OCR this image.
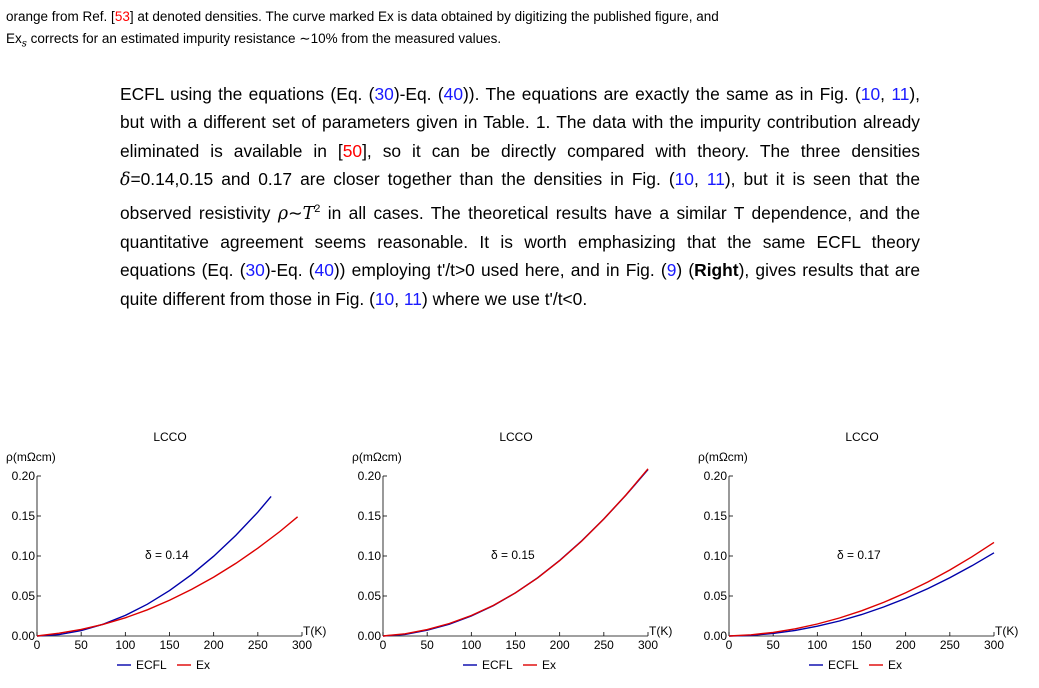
orange from Ref. [53] at denoted densities. The curve marked Ex is data obtained by digitizing the published figure, and

$Ex_s$ corrects for an estimated impurity resistance ∼10% from the measured values.

ECFL using the equations (Eq. (30)-Eq. (40)). The equations are exactly the same as in Fig. (10, 11), but with a different set of parameters given in Table. 1. The data with the impurity contribution already eliminated is available in [50], so it can be directly compared with theory. The three densities δ=0.14,0.15 and 0.17 are closer together than the densities in Fig. (10, 11), but it is seen that the observed resistivity $\rho\sim T^2$ in all cases. The theoretical results have a similar T dependence, and the quantitative agreement seems reasonable. It is worth emphasizing that the same ECFL theory equations (Eq. (30)-Eq. (40)) employing t'/t>0 used here, and in Fig. (9) (Right), gives results that are quite different from those in Fig. (10, 11) where we use t'/t<0.

LCCO
ρ(mΩcm)
0.00
0.05
0.10
0.15
0.20
0	50 100 150 200 250 300
T(K)
δ = 0.14
ECFL Ex
LCCO
ρ(mΩcm)
0.00
0.05
0.10
0.15
0.20
0	50 100 150 200 250 300
T(K)
δ = 0.15
ECFL Ex
LCCO
ρ(mΩcm)
0.00
0.05
0.10
0.15
0.20
0	50 100 150 200 250 300
T(K)
δ = 0.17
ECFL Ex
